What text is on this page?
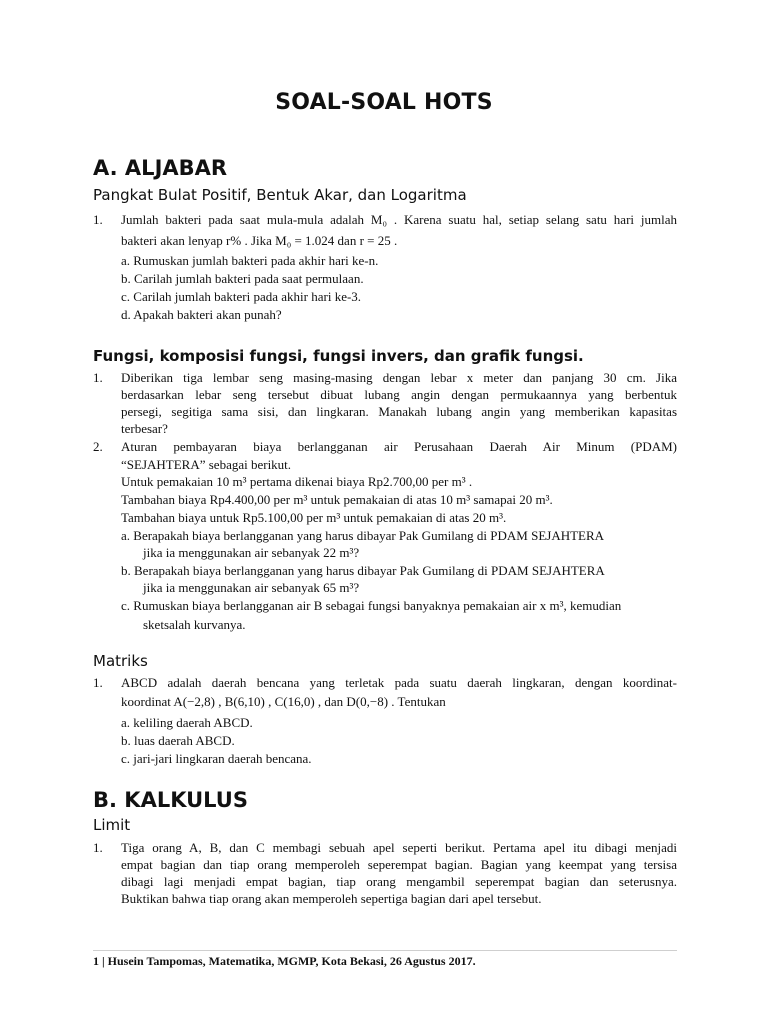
SOAL-SOAL HOTS
A. ALJABAR
Pangkat Bulat Positif, Bentuk Akar, dan Logaritma
1. Jumlah bakteri pada saat mula-mula adalah M₀ . Karena suatu hal, setiap selang satu hari jumlah
bakteri akan lenyap r% . Jika M₀ = 1.024 dan r = 25 .
a. Rumuskan jumlah bakteri pada akhir hari ke-n.
b. Carilah jumlah bakteri pada saat permulaan.
c. Carilah jumlah bakteri pada akhir hari ke-3.
d. Apakah bakteri akan punah?
Fungsi, komposisi fungsi, fungsi invers, dan grafik fungsi.
1. Diberikan tiga lembar seng masing-masing dengan lebar x meter dan panjang 30 cm. Jika
berdasarkan lebar seng tersebut dibuat lubang angin dengan permukaannya yang berbentuk
persegi, segitiga sama sisi, dan lingkaran. Manakah lubang angin yang memberikan kapasitas
terbesar?
2. Aturan pembayaran biaya berlangganan air Perusahaan Daerah Air Minum (PDAM)
“SEJAHTERA” sebagai berikut.
Untuk pemakaian 10 m³ pertama dikenai biaya Rp2.700,00 per m³ .
Tambahan biaya Rp4.400,00 per m³ untuk pemakaian di atas 10 m³ samapai 20 m³.
Tambahan biaya untuk Rp5.100,00 per m³ untuk pemakaian di atas 20 m³.
a. Berapakah biaya berlangganan yang harus dibayar Pak Gumilang di PDAM SEJAHTERA
jika ia menggunakan air sebanyak 22 m³?
b. Berapakah biaya berlangganan yang harus dibayar Pak Gumilang di PDAM SEJAHTERA
jika ia menggunakan air sebanyak 65 m³?
c. Rumuskan biaya berlangganan air B sebagai fungsi banyaknya pemakaian air x m³, kemudian
sketsalah kurvanya.
Matriks
1. ABCD adalah daerah bencana yang terletak pada suatu daerah lingkaran, dengan koordinat-
koordinat A(−2,8) , B(6,10) , C(16,0) , dan D(0,−8) . Tentukan
a. keliling daerah ABCD.
b. luas daerah ABCD.
c. jari-jari lingkaran daerah bencana.
B. KALKULUS
Limit
1. Tiga orang A, B, dan C membagi sebuah apel seperti berikut. Pertama apel itu dibagi menjadi
empat bagian dan tiap orang memperoleh seperempat bagian. Bagian yang keempat yang tersisa
dibagi lagi menjadi empat bagian, tiap orang mengambil seperempat bagian dan seterusnya.
Buktikan bahwa tiap orang akan memperoleh sepertiga bagian dari apel tersebut.
1 | Husein Tampomas, Matematika, MGMP, Kota Bekasi, 26 Agustus 2017.
